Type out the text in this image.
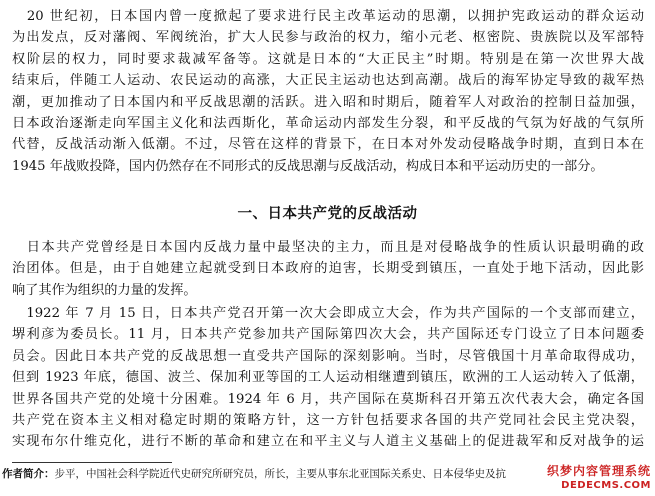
　20 世纪初，日本国内曾一度掀起了要求进行民主改革运动的思潮，以拥护宪政运动的群众运动
为出发点，反对藩阀、军阀统治，扩大人民参与政治的权力，缩小元老、枢密院、贵族院以及军部特
权阶层的权力，同时要求裁减军备等。这就是日本的“大正民主”时期。特别是在第一次世界大战
结束后，伴随工人运动、农民运动的高涨，大正民主运动也达到高潮。战后的海军协定导致的裁军热
潮，更加推动了日本国内和平反战思潮的活跃。进入昭和时期后，随着军人对政治的控制日益加强，
日本政治逐渐走向军国主义化和法西斯化，革命运动内部发生分裂，和平反战的气氛为好战的气氛所
代替，反战活动渐入低潮。不过，尽管在这样的背景下，在日本对外发动侵略战争时期，直到日本在
1945 年战败投降，国内仍然存在不同形式的反战思潮与反战活动，构成日本和平运动历史的一部分。
一、日本共产党的反战活动
　日本共产党曾经是日本国内反战力量中最坚决的主力，而且是对侵略战争的性质认识最明确的政
治团体。但是，由于自她建立起就受到日本政府的迫害，长期受到镇压，一直处于地下活动，因此影
响了其作为组织的力量的发挥。
　1922 年 7 月 15 日，日本共产党召开第一次大会即成立大会，作为共产国际的一个支部而建立，
堺利彦为委员长。11 月，日本共产党参加共产国际第四次大会，共产国际还专门设立了日本问题委
员会。因此日本共产党的反战思想一直受共产国际的深刻影响。当时，尽管俄国十月革命取得成功，
但到 1923 年底，德国、波兰、保加利亚等国的工人运动相继遭到镇压，欧洲的工人运动转入了低潮，
世界各国共产党的处境十分困难。1924 年 6 月，共产国际在莫斯科召开第五次代表大会，确定各国
共产党在资本主义相对稳定时期的策略方针，这一方针包括要求各国的共产党同社会民主党决裂，
实现布尔什维克化，进行不断的革命和建立在和平主义与人道主义基础上的促进裁军和反对战争的运

作者简介：步平，中国社会科学院近代史研究所研究员，所长，主要从事东北亚国际关系史、日本侵华史及抗	织梦内容管理系统
DEDECMS.COM
